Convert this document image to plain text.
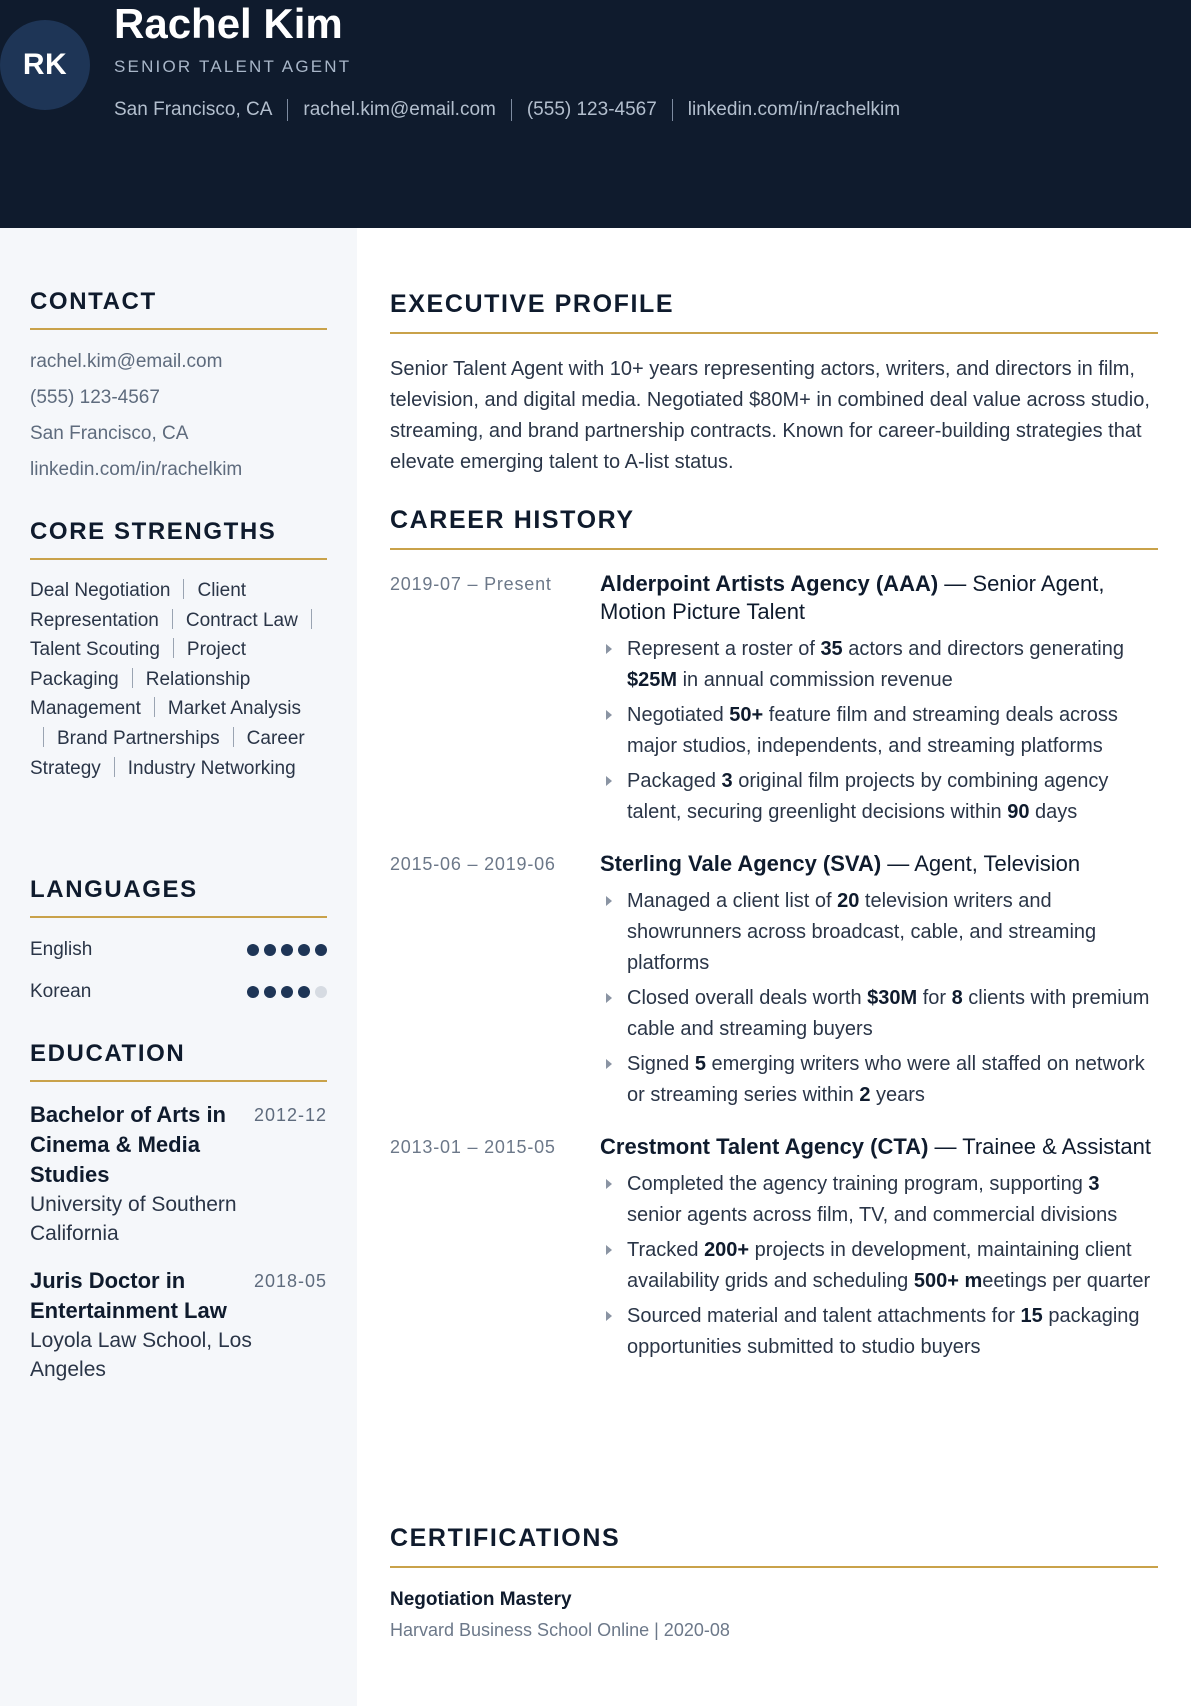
RK
Rachel Kim
SENIOR TALENT AGENT
San Francisco, CA rachel.kim@email.com (555) 123-4567 linkedin.com/in/rachelkim
CONTACT
rachel.kim@email.com
(555) 123-4567
San Francisco, CA
linkedin.com/in/rachelkim
CORE STRENGTHS
Deal Negotiation Client Representation Contract LawTalent Scouting Project Packaging Relationship Management Market AnalysisBrand Partnerships Career Strategy Industry Networking
LANGUAGES
English
Korean
EDUCATION
Bachelor of Arts in Cinema & Media Studies
2012-12
University of Southern California
Juris Doctor in Entertainment Law
2018-05
Loyola Law School, Los Angeles
EXECUTIVE PROFILE
Senior Talent Agent with 10+ years representing actors, writers, and directors in film, television, and digital media. Negotiated $80M+ in combined deal value across studio, streaming, and brand partnership contracts. Known for career-building strategies that elevate emerging talent to A-list status.
CAREER HISTORY
2019-07 – Present	Alderpoint Artists Agency (AAA) — Senior Agent, Motion Picture Talent
Represent a roster of 35 actors and directors generating $25M in annual commission revenue
Negotiated 50+ feature film and streaming deals across major studios, independents, and streaming platforms
Packaged 3 original film projects by combining agency talent, securing greenlight decisions within 90 days
2015-06 – 2019-06	Sterling Vale Agency (SVA) — Agent, Television
Managed a client list of 20 television writers and showrunners across broadcast, cable, and streaming platforms
Closed overall deals worth $30M for 8 clients with premium cable and streaming buyers
Signed 5 emerging writers who were all staffed on network or streaming series within 2 years
2013-01 – 2015-05	Crestmont Talent Agency (CTA) — Trainee & Assistant
Completed the agency training program, supporting 3 senior agents across film, TV, and commercial divisions
Tracked 200+ projects in development, maintaining client availability grids and scheduling 500+ meetings per quarter
Sourced material and talent attachments for 15 packaging opportunities submitted to studio buyers
CERTIFICATIONS
Negotiation Mastery
Harvard Business School Online | 2020-08
